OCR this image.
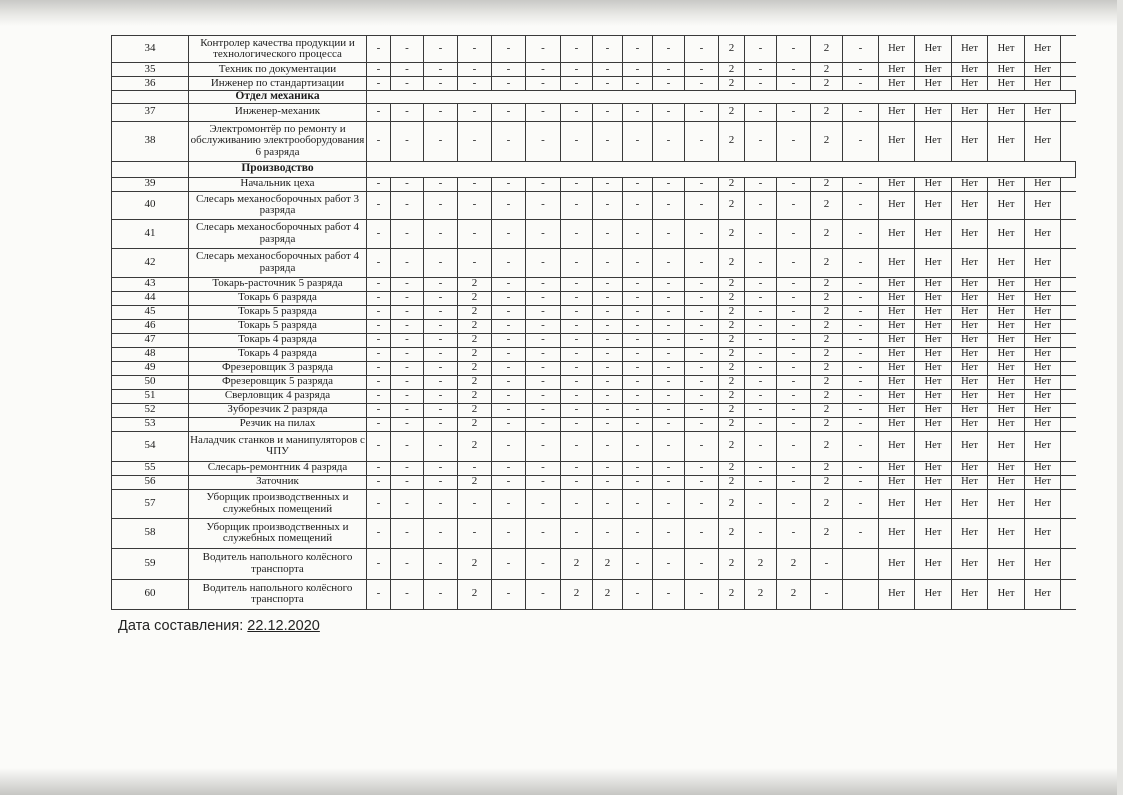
34	Контролер качества продукции и технологического процесса	-	-	-	-	-	-	-	-	-	-	-	2	-	-	2	-	Нет	Нет	Нет	Нет	Нет	
35	Техник по документации	-	-	-	-	-	-	-	-	-	-	-	2	-	-	2	-	Нет	Нет	Нет	Нет	Нет	
36	Инженер по стандартизации	-	-	-	-	-	-	-	-	-	-	-	2	-	-	2	-	Нет	Нет	Нет	Нет	Нет	
	Отдел механика																						
37	Инженер-механик	-	-	-	-	-	-	-	-	-	-	-	2	-	-	2	-	Нет	Нет	Нет	Нет	Нет	
38	Электромонтёр по ремонту и обслуживанию электрооборудования 6 разряда	-	-	-	-	-	-	-	-	-	-	-	2	-	-	2	-	Нет	Нет	Нет	Нет	Нет	
	Производство																						
39	Начальник цеха	-	-	-	-	-	-	-	-	-	-	-	2	-	-	2	-	Нет	Нет	Нет	Нет	Нет	
40	Слесарь механосборочных работ 3 разряда	-	-	-	-	-	-	-	-	-	-	-	2	-	-	2	-	Нет	Нет	Нет	Нет	Нет	
41	Слесарь механосборочных работ 4 разряда	-	-	-	-	-	-	-	-	-	-	-	2	-	-	2	-	Нет	Нет	Нет	Нет	Нет	
42	Слесарь механосборочных работ 4 разряда	-	-	-	-	-	-	-	-	-	-	-	2	-	-	2	-	Нет	Нет	Нет	Нет	Нет	
43	Токарь-расточник 5 разряда	-	-	-	2	-	-	-	-	-	-	-	2	-	-	2	-	Нет	Нет	Нет	Нет	Нет	
44	Токарь 6 разряда	-	-	-	2	-	-	-	-	-	-	-	2	-	-	2	-	Нет	Нет	Нет	Нет	Нет	
45	Токарь 5 разряда	-	-	-	2	-	-	-	-	-	-	-	2	-	-	2	-	Нет	Нет	Нет	Нет	Нет	
46	Токарь 5 разряда	-	-	-	2	-	-	-	-	-	-	-	2	-	-	2	-	Нет	Нет	Нет	Нет	Нет	
47	Токарь 4 разряда	-	-	-	2	-	-	-	-	-	-	-	2	-	-	2	-	Нет	Нет	Нет	Нет	Нет	
48	Токарь 4 разряда	-	-	-	2	-	-	-	-	-	-	-	2	-	-	2	-	Нет	Нет	Нет	Нет	Нет	
49	Фрезеровщик 3 разряда	-	-	-	2	-	-	-	-	-	-	-	2	-	-	2	-	Нет	Нет	Нет	Нет	Нет	
50	Фрезеровщик 5 разряда	-	-	-	2	-	-	-	-	-	-	-	2	-	-	2	-	Нет	Нет	Нет	Нет	Нет	
51	Сверловщик 4 разряда	-	-	-	2	-	-	-	-	-	-	-	2	-	-	2	-	Нет	Нет	Нет	Нет	Нет	
52	Зуборезчик 2 разряда	-	-	-	2	-	-	-	-	-	-	-	2	-	-	2	-	Нет	Нет	Нет	Нет	Нет	
53	Резчик на пилах	-	-	-	2	-	-	-	-	-	-	-	2	-	-	2	-	Нет	Нет	Нет	Нет	Нет	
54	Наладчик станков и манипуляторов с ЧПУ	-	-	-	2	-	-	-	-	-	-	-	2	-	-	2	-	Нет	Нет	Нет	Нет	Нет	
55	Слесарь-ремонтник 4 разряда	-	-	-	-	-	-	-	-	-	-	-	2	-	-	2	-	Нет	Нет	Нет	Нет	Нет	
56	Заточник	-	-	-	2	-	-	-	-	-	-	-	2	-	-	2	-	Нет	Нет	Нет	Нет	Нет	
57	Уборщик производственных и служебных помещений	-	-	-	-	-	-	-	-	-	-	-	2	-	-	2	-	Нет	Нет	Нет	Нет	Нет	
58	Уборщик производственных и служебных помещений	-	-	-	-	-	-	-	-	-	-	-	2	-	-	2	-	Нет	Нет	Нет	Нет	Нет	
59	Водитель напольного колёсного транспорта	-	-	-	2	-	-	2	2	-	-	-	2	2	2	-		Нет	Нет	Нет	Нет	Нет	
60	Водитель напольного колёсного транспорта	-	-	-	2	-	-	2	2	-	-	-	2	2	2	-		Нет	Нет	Нет	Нет	Нет	
Дата составления: 22.12.2020
